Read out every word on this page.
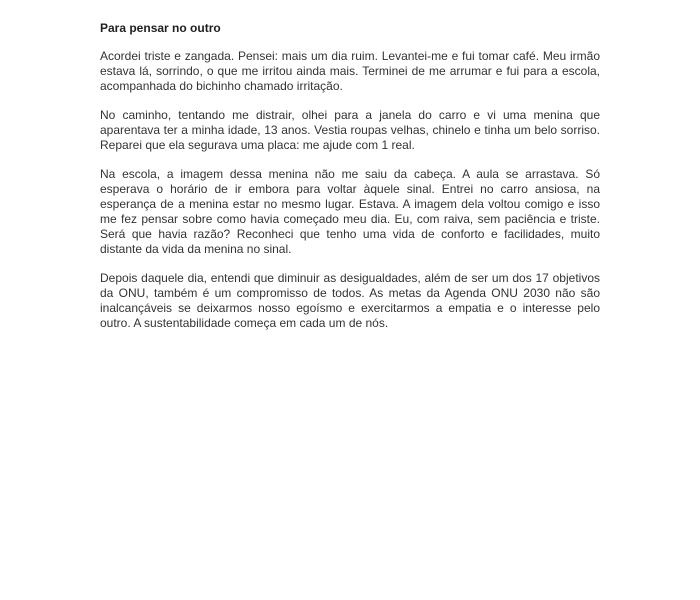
Para pensar no outro

Acordei triste e zangada. Pensei: mais um dia ruim. Levantei-me e fui tomar café. Meu irmão estava lá, sorrindo, o que me irritou ainda mais. Terminei de me arrumar e fui para a escola, acompanhada do bichinho chamado irritação.

No caminho, tentando me distrair, olhei para a janela do carro e vi uma menina que aparentava ter a minha idade, 13 anos. Vestia roupas velhas, chinelo e tinha um belo sorriso. Reparei que ela segurava uma placa: me ajude com 1 real.

Na escola, a imagem dessa menina não me saiu da cabeça. A aula se arrastava. Só esperava o horário de ir embora para voltar àquele sinal. Entrei no carro ansiosa, na esperança de a menina estar no mesmo lugar. Estava. A imagem dela voltou comigo e isso me fez pensar sobre como havia começado meu dia. Eu, com raiva, sem paciência e triste. Será que havia razão? Reconheci que tenho uma vida de conforto e facilidades, muito distante da vida da menina no sinal.

Depois daquele dia, entendi que diminuir as desigualdades, além de ser um dos 17 objetivos da ONU, também é um compromisso de todos. As metas da Agenda ONU 2030 não são inalcançáveis se deixarmos nosso egoísmo e exercitarmos a empatia e o interesse pelo outro. A sustentabilidade começa em cada um de nós.
